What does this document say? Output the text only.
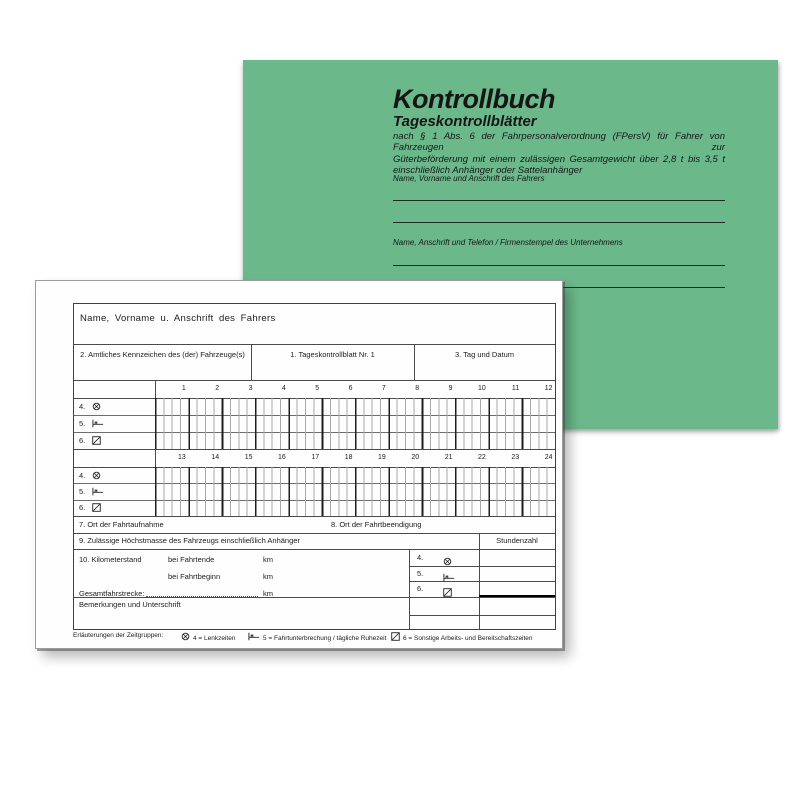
Kontrollbuch
Tageskontrollblätter
nach § 1 Abs. 6 der Fahrpersonalverordnung (FPersV) für Fahrer von Fahrzeugen zur
Güterbeförderung mit einem zulässigen Gesamtgewicht über 2,8 t bis 3,5 t
einschließlich Anhänger oder Sattelanhänger
Name, Vorname und Anschrift des Fahrers
Name, Anschrift und Telefon / Firmenstempel des Unternehmens
Name, Vorname u. Anschrift des Fahrers
2. Amtliches Kennzeichen des (der) Fahrzeuge(s)	1. Tageskontrollblatt Nr. 1	3. Tag und Datum
1	2	3	4	5	6	7	8	9	10	11	12
4.
5.
6.
13	14	15	16	17	18	19	20	21	22	23	24
4.
5.
6.
7. Ort der Fahrtaufnahme	8. Ort der Fahrtbeendigung
9. Zulässige Höchstmasse des Fahrzeugs einschließlich Anhänger	Stundenzahl
10. Kilometerstand	bei Fahrtende	km
bei Fahrtbeginn	km
Gesamtfahrstrecke:	km
4.
5.
6.
Bemerkungen und Unterschrift
Erläuterungen der Zeitgruppen:	4 = Lenkzeiten	5 = Fahrtunterbrechung / tägliche Ruhezeit	6 = Sonstige Arbeits- und Bereitschaftszeiten
